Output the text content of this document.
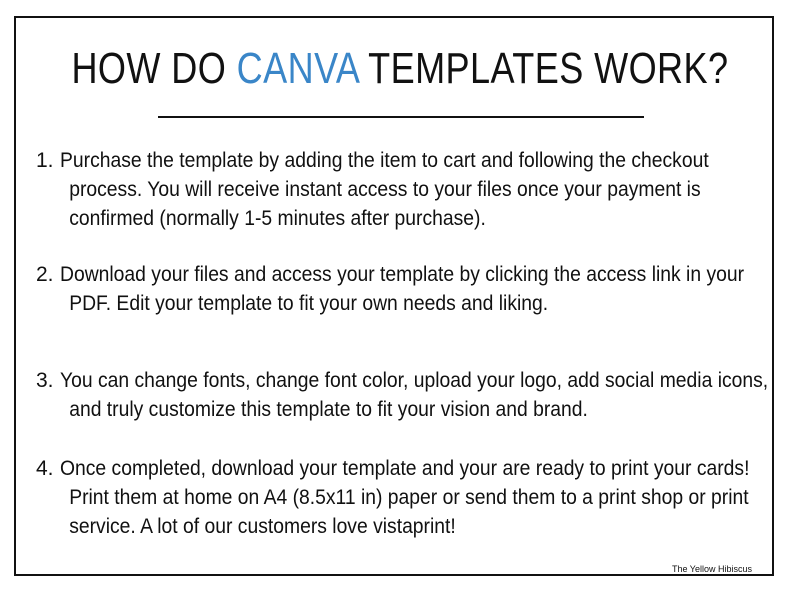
HOW DO CANVA TEMPLATES WORK?
1. Purchase the template by adding the item to cart and following the checkout
process. You will receive instant access to your files once your payment is
confirmed (normally 1-5 minutes after purchase).
2. Download your files and access your template by clicking the access link in your
PDF. Edit your template to fit your own needs and liking.
3. You can change fonts, change font color, upload your logo, add social media icons,
and truly customize this template to fit your vision and brand.
4. Once completed, download your template and your are ready to print your cards!
Print them at home on A4 (8.5x11 in) paper or send them to a print shop or print
service. A lot of our customers love vistaprint!
The Yellow Hibiscus
